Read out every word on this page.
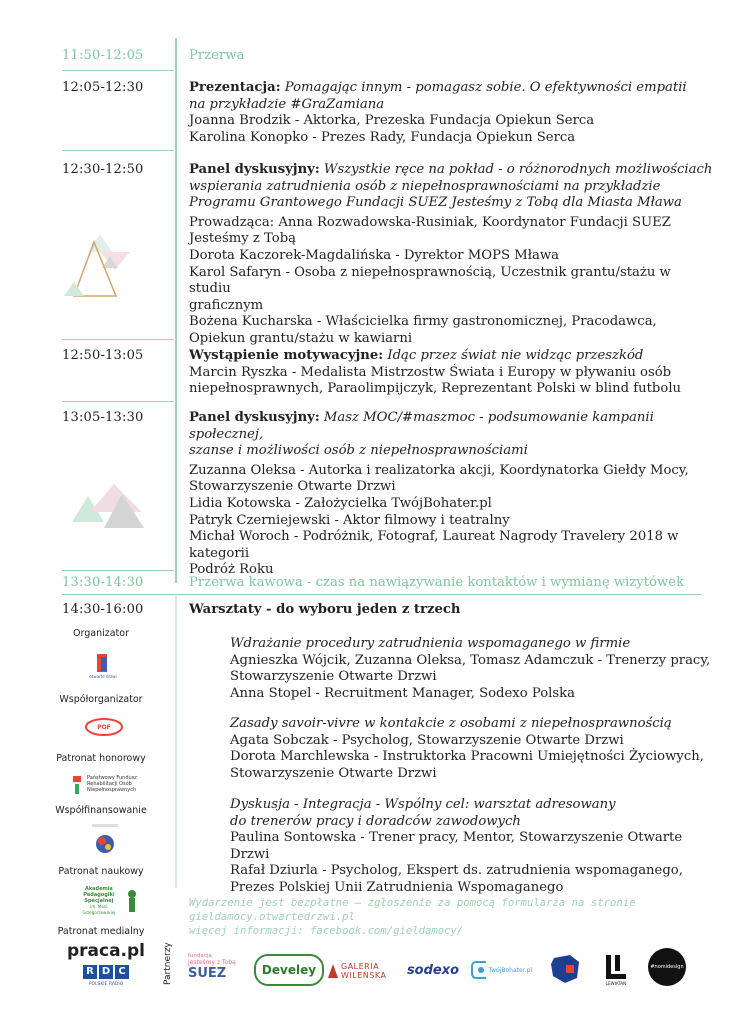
11:50-12:05	Przerwa
12:05-12:30	Prezentacja: Pomagając innym - pomagasz sobie. O efektywności empatii
na przykładzie #GraZamiana
Joanna Brodzik - Aktorka, Prezeska Fundacja Opiekun Serca
Karolina Konopko - Prezes Rady, Fundacja Opiekun Serca
12:30-12:50	Panel dyskusyjny: Wszystkie ręce na pokład - o różnorodnych możliwościach
wspierania zatrudnienia osób z niepełnosprawnościami na przykładzie
Programu Grantowego Fundacji SUEZ Jesteśmy z Tobą dla Miasta Mława
Prowadząca: Anna Rozwadowska-Rusiniak, Koordynator Fundacji SUEZ
Jesteśmy z Tobą
Dorota Kaczorek-Magdalińska - Dyrektor MOPS Mława
Karol Safaryn - Osoba z niepełnosprawnością, Uczestnik grantu/stażu w studiu
graficznym
Bożena Kucharska - Właścicielka firmy gastronomicznej, Pracodawca,
Opiekun grantu/stażu w kawiarni
12:50-13:05	Wystąpienie motywacyjne: Idąc przez świat nie widząc przeszkód
Marcin Ryszka - Medalista Mistrzostw Świata i Europy w pływaniu osób
niepełnosprawnych, Paraolimpijczyk, Reprezentant Polski w blind futbolu
13:05-13:30	Panel dyskusyjny: Masz MOC/#maszmoc - podsumowanie kampanii społecznej,
szanse i możliwości osób z niepełnosprawnościami
Zuzanna Oleksa - Autorka i realizatorka akcji, Koordynatorka Giełdy Mocy,
Stowarzyszenie Otwarte Drzwi
Lidia Kotowska - Założycielka TwójBohater.pl
Patryk Czerniejewski - Aktor filmowy i teatralny
Michał Woroch - Podróżnik, Fotograf, Laureat Nagrody Travelery 2018 w kategorii
Podróż Roku
13:30-14:30	Przerwa kawowa - czas na nawiązywanie kontaktów i wymianę wizytówek
14:30-16:00	Warsztaty - do wyboru jeden z trzech
Wdrażanie procedury zatrudnienia wspomaganego w firmie
Agnieszka Wójcik, Zuzanna Oleksa, Tomasz Adamczuk - Trenerzy pracy,
Stowarzyszenie Otwarte Drzwi
Anna Stopel - Recruitment Manager, Sodexo Polska
Zasady savoir-vivre w kontakcie z osobami z niepełnosprawnością
Agata Sobczak - Psycholog, Stowarzyszenie Otwarte Drzwi
Dorota Marchlewska - Instruktorka Pracowni Umiejętności Życiowych,
Stowarzyszenie Otwarte Drzwi
Dyskusja - Integracja - Wspólny cel: warsztat adresowany
do trenerów pracy i doradców zawodowych
Paulina Sontowska - Trener pracy, Mentor, Stowarzyszenie Otwarte Drzwi
Rafał Dziurla - Psycholog, Ekspert ds. zatrudnienia wspomaganego,
Prezes Polskiej Unii Zatrudnienia Wspomaganego
Organizator
otwarte drzwi
Współorganizator
POF
Patronat honorowy
Państwowy Fundusz
Rehabilitacji Osób
Niepełnosprawnych
Współfinansowanie
Patronat naukowy
Akademia
Pedagogiki
Specjalnej
im. Marii Grzegorzewskiej
Patronat medialny
praca.pl
R D C
POLSKIE RADIO
Wydarzenie jest bezpłatne – zgłoszenie za pomocą formularza na stronie
gieldamocy.otwartedrzwi.pl
więcej informacji: facebook.com/gieldamocy/
Partnerzy	fundacja
jesteśmy z Tobą
SUEZ	Develey	GALERIA
WILEŃSKA sodexo	TwójBohater.pl
LEWIATAN
#nomidesign
